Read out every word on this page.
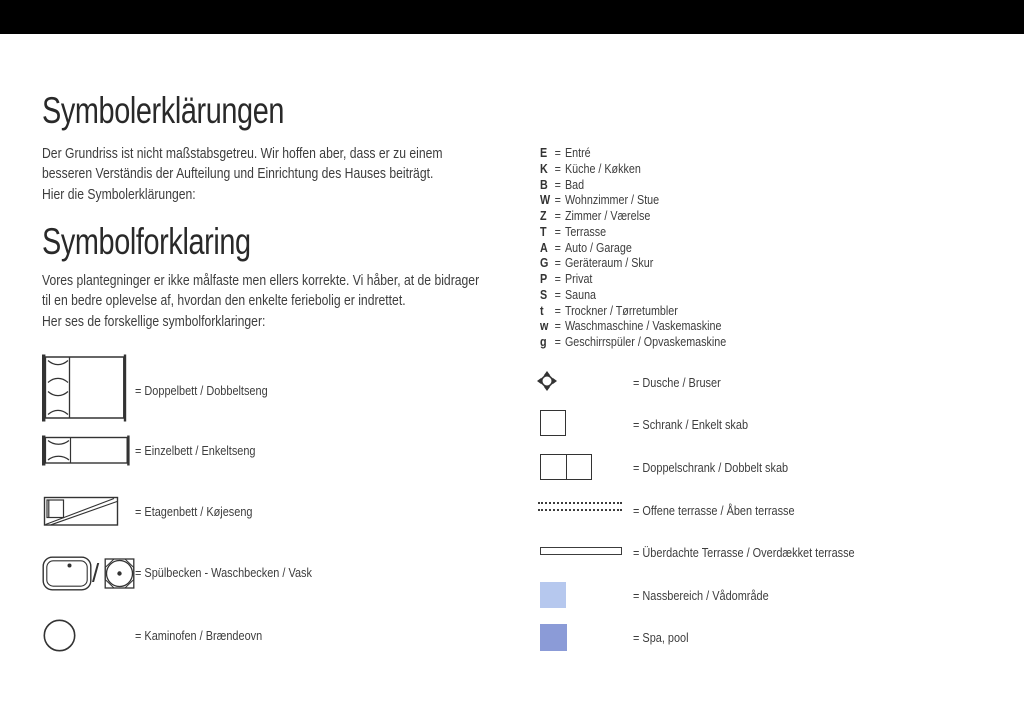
Symbolerklärungen
Der Grundriss ist nicht maßstabsgetreu. Wir hoffen aber, dass er zu einem
besseren Verständis der Aufteilung und Einrichtung des Hauses beiträgt.
Hier die Symbolerklärungen:
Symbolforklaring
Vores plantegninger er ikke målfaste men ellers korrekte. Vi håber, at de bidrager
til en bedre oplevelse af, hvordan den enkelte feriebolig er indrettet.
Her ses de forskellige symbolforklaringer:
E = Entré
K = Küche / Køkken
B = Bad
W = Wohnzimmer / Stue
Z = Zimmer / Værelse
T = Terrasse
A = Auto / Garage
G = Geräteraum / Skur
P = Privat
S = Sauna
t = Trockner / Tørretumbler
w = Waschmaschine / Vaskemaskine
g = Geschirrspüler / Opvaskemaskine
= Doppelbett / Dobbeltseng
= Einzelbett / Enkeltseng
= Etagenbett / Køjeseng
/	= Spülbecken - Waschbecken / Vask
= Kaminofen / Brændeovn
= Dusche / Bruser
= Schrank / Enkelt skab
= Doppelschrank / Dobbelt skab
= Offene terrasse / Åben terrasse
= Überdachte Terrasse / Overdækket terrasse
= Nassbereich / Vådområde
= Spa, pool
